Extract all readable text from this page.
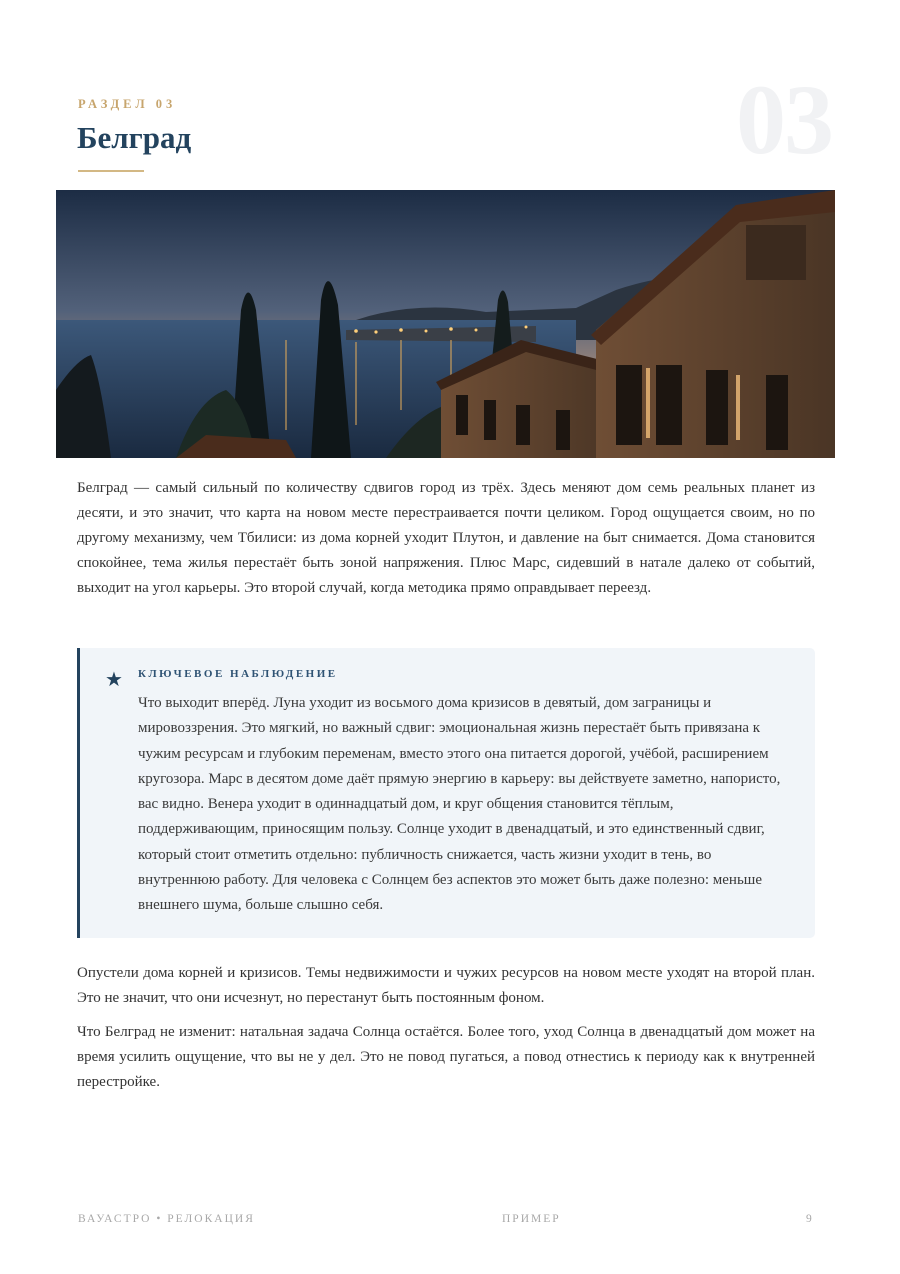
РАЗДЕЛ 03	03
Белград

Белград — самый сильный по количеству сдвигов город из трёх. Здесь меняют дом семь реальных планет из десяти, и это значит, что карта на новом месте перестраивается почти целиком. Город ощущается своим, но по другому механизму, чем Тбилиси: из дома корней уходит Плутон, и давление на быт снимается. Дома становится спокойнее, тема жилья перестаёт быть зоной напряжения. Плюс Марс, сидевший в натале далеко от событий, выходит на угол карьеры. Это второй случай, когда методика прямо оправдывает переезд.

★ КЛЮЧЕВОЕ НАБЛЮДЕНИЕ

Что выходит вперёд. Луна уходит из восьмого дома кризисов в девятый, дом заграницы и мировоззрения. Это мягкий, но важный сдвиг: эмоциональная жизнь перестаёт быть привязана к чужим ресурсам и глубоким переменам, вместо этого она питается дорогой, учёбой, расширением кругозора. Марс в десятом доме даёт прямую энергию в карьеру: вы действуете заметно, напористо, вас видно. Венера уходит в одиннадцатый дом, и круг общения становится тёплым, поддерживающим, приносящим пользу. Солнце уходит в двенадцатый, и это единственный сдвиг, который стоит отметить отдельно: публичность снижается, часть жизни уходит в тень, во внутреннюю работу. Для человека с Солнцем без аспектов это может быть даже полезно: меньше внешнего шума, больше слышно себя.

Опустели дома корней и кризисов. Темы недвижимости и чужих ресурсов на новом месте уходят на второй план. Это не значит, что они исчезнут, но перестанут быть постоянным фоном.

Что Белград не изменит: натальная задача Солнца остаётся. Более того, уход Солнца в двенадцатый дом может на время усилить ощущение, что вы не у дел. Это не повод пугаться, а повод отнестись к периоду как к внутренней перестройке.

ВАУАСТРО • РЕЛОКАЦИЯ	ПРИМЕР	9
